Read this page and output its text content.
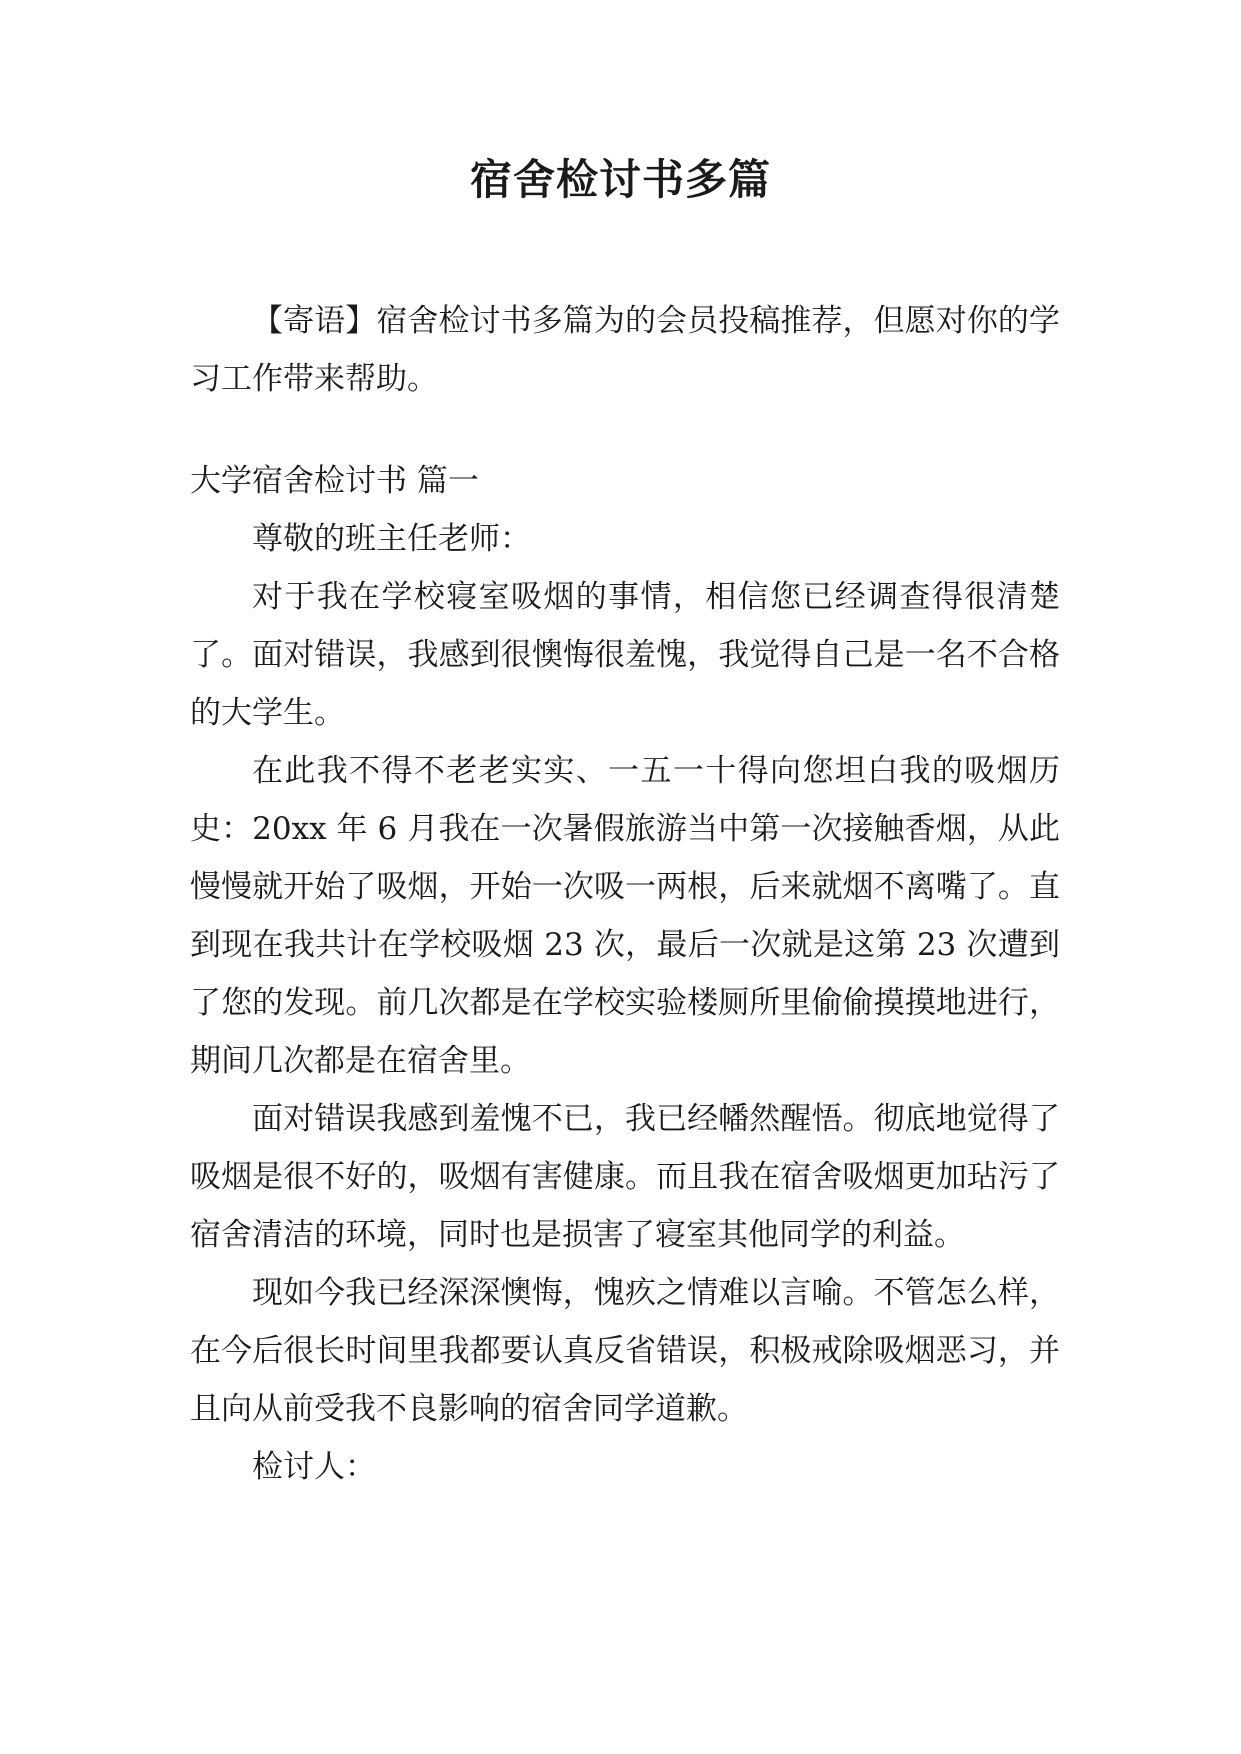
宿舍检讨书多篇

【寄语】宿舍检讨书多篇为的会员投稿推荐，但愿对你的学习工作带来帮助。

大学宿舍检讨书 篇一

尊敬的班主任老师：

对于我在学校寝室吸烟的事情，相信您已经调查得很清楚了。面对错误，我感到很懊悔很羞愧，我觉得自己是一名不合格的大学生。

在此我不得不老老实实、一五一十得向您坦白我的吸烟历史：20xx 年 6 月我在一次暑假旅游当中第一次接触香烟，从此慢慢就开始了吸烟，开始一次吸一两根，后来就烟不离嘴了。直到现在我共计在学校吸烟 23 次，最后一次就是这第 23 次遭到了您的发现。前几次都是在学校实验楼厕所里偷偷摸摸地进行，期间几次都是在宿舍里。

面对错误我感到羞愧不已，我已经幡然醒悟。彻底地觉得了吸烟是很不好的，吸烟有害健康。而且我在宿舍吸烟更加玷污了宿舍清洁的环境，同时也是损害了寝室其他同学的利益。

现如今我已经深深懊悔，愧疚之情难以言喻。不管怎么样，在今后很长时间里我都要认真反省错误，积极戒除吸烟恶习，并且向从前受我不良影响的宿舍同学道歉。

检讨人：
